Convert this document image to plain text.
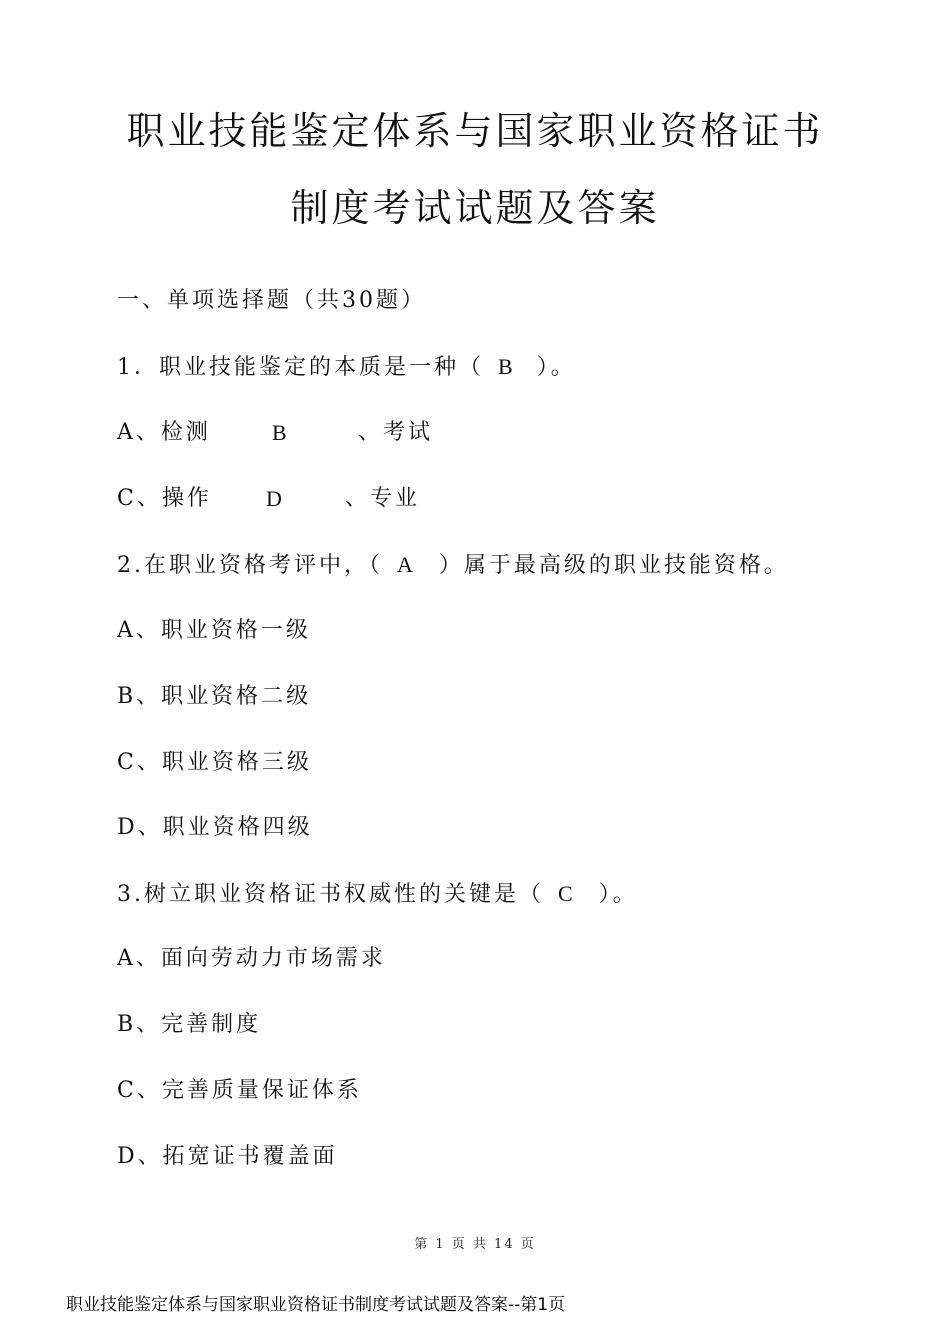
职业技能鉴定体系与国家职业资格证书
制度考试试题及答案
一、单项选择题（共30题）
1．职业技能鉴定的本质是一种（ B ）。
A、检测	B	、考试
C、操作 D	、专业
2.在职业资格考评中，（ A ）属于最高级的职业技能资格。
A、职业资格一级
B、职业资格二级
C、职业资格三级
D、职业资格四级
3.树立职业资格证书权威性的关键是（ C ）。
A、面向劳动力市场需求
B、完善制度
C、完善质量保证体系
D、拓宽证书覆盖面
第 1 页 共 14 页
职业技能鉴定体系与国家职业资格证书制度考试试题及答案--第1页
